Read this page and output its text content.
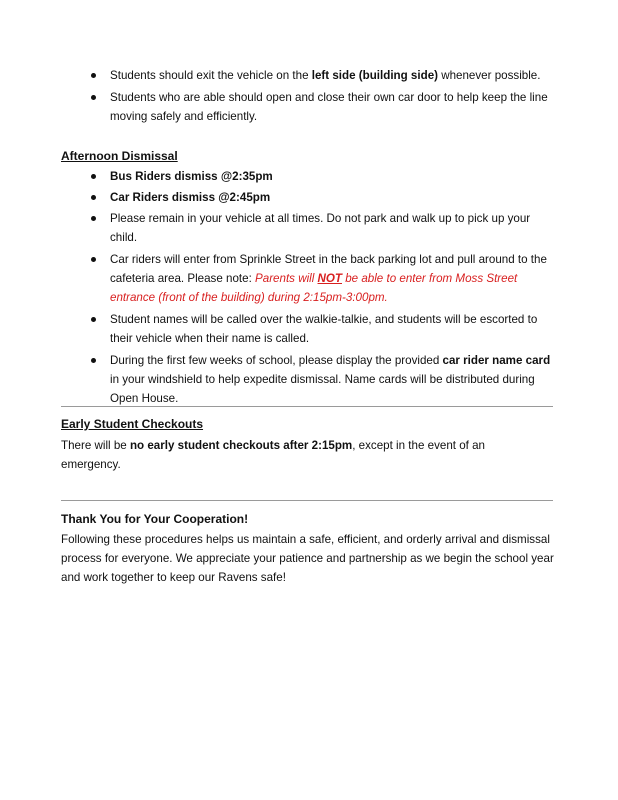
Students should exit the vehicle on the left side (building side) whenever possible.
Students who are able should open and close their own car door to help keep the line moving safely and efficiently.
Afternoon Dismissal
Bus Riders dismiss @2:35pm
Car Riders dismiss @2:45pm
Please remain in your vehicle at all times. Do not park and walk up to pick up your child.
Car riders will enter from Sprinkle Street in the back parking lot and pull around to the cafeteria area. Please note: Parents will NOT be able to enter from Moss Street entrance (front of the building) during 2:15pm-3:00pm.
Student names will be called over the walkie-talkie, and students will be escorted to their vehicle when their name is called.
During the first few weeks of school, please display the provided car rider name card in your windshield to help expedite dismissal. Name cards will be distributed during Open House.
Early Student Checkouts

There will be no early student checkouts after 2:15pm, except in the event of an emergency.

Thank You for Your Cooperation!

Following these procedures helps us maintain a safe, efficient, and orderly arrival and dismissal process for everyone. We appreciate your patience and partnership as we begin the school year and work together to keep our Ravens safe!
